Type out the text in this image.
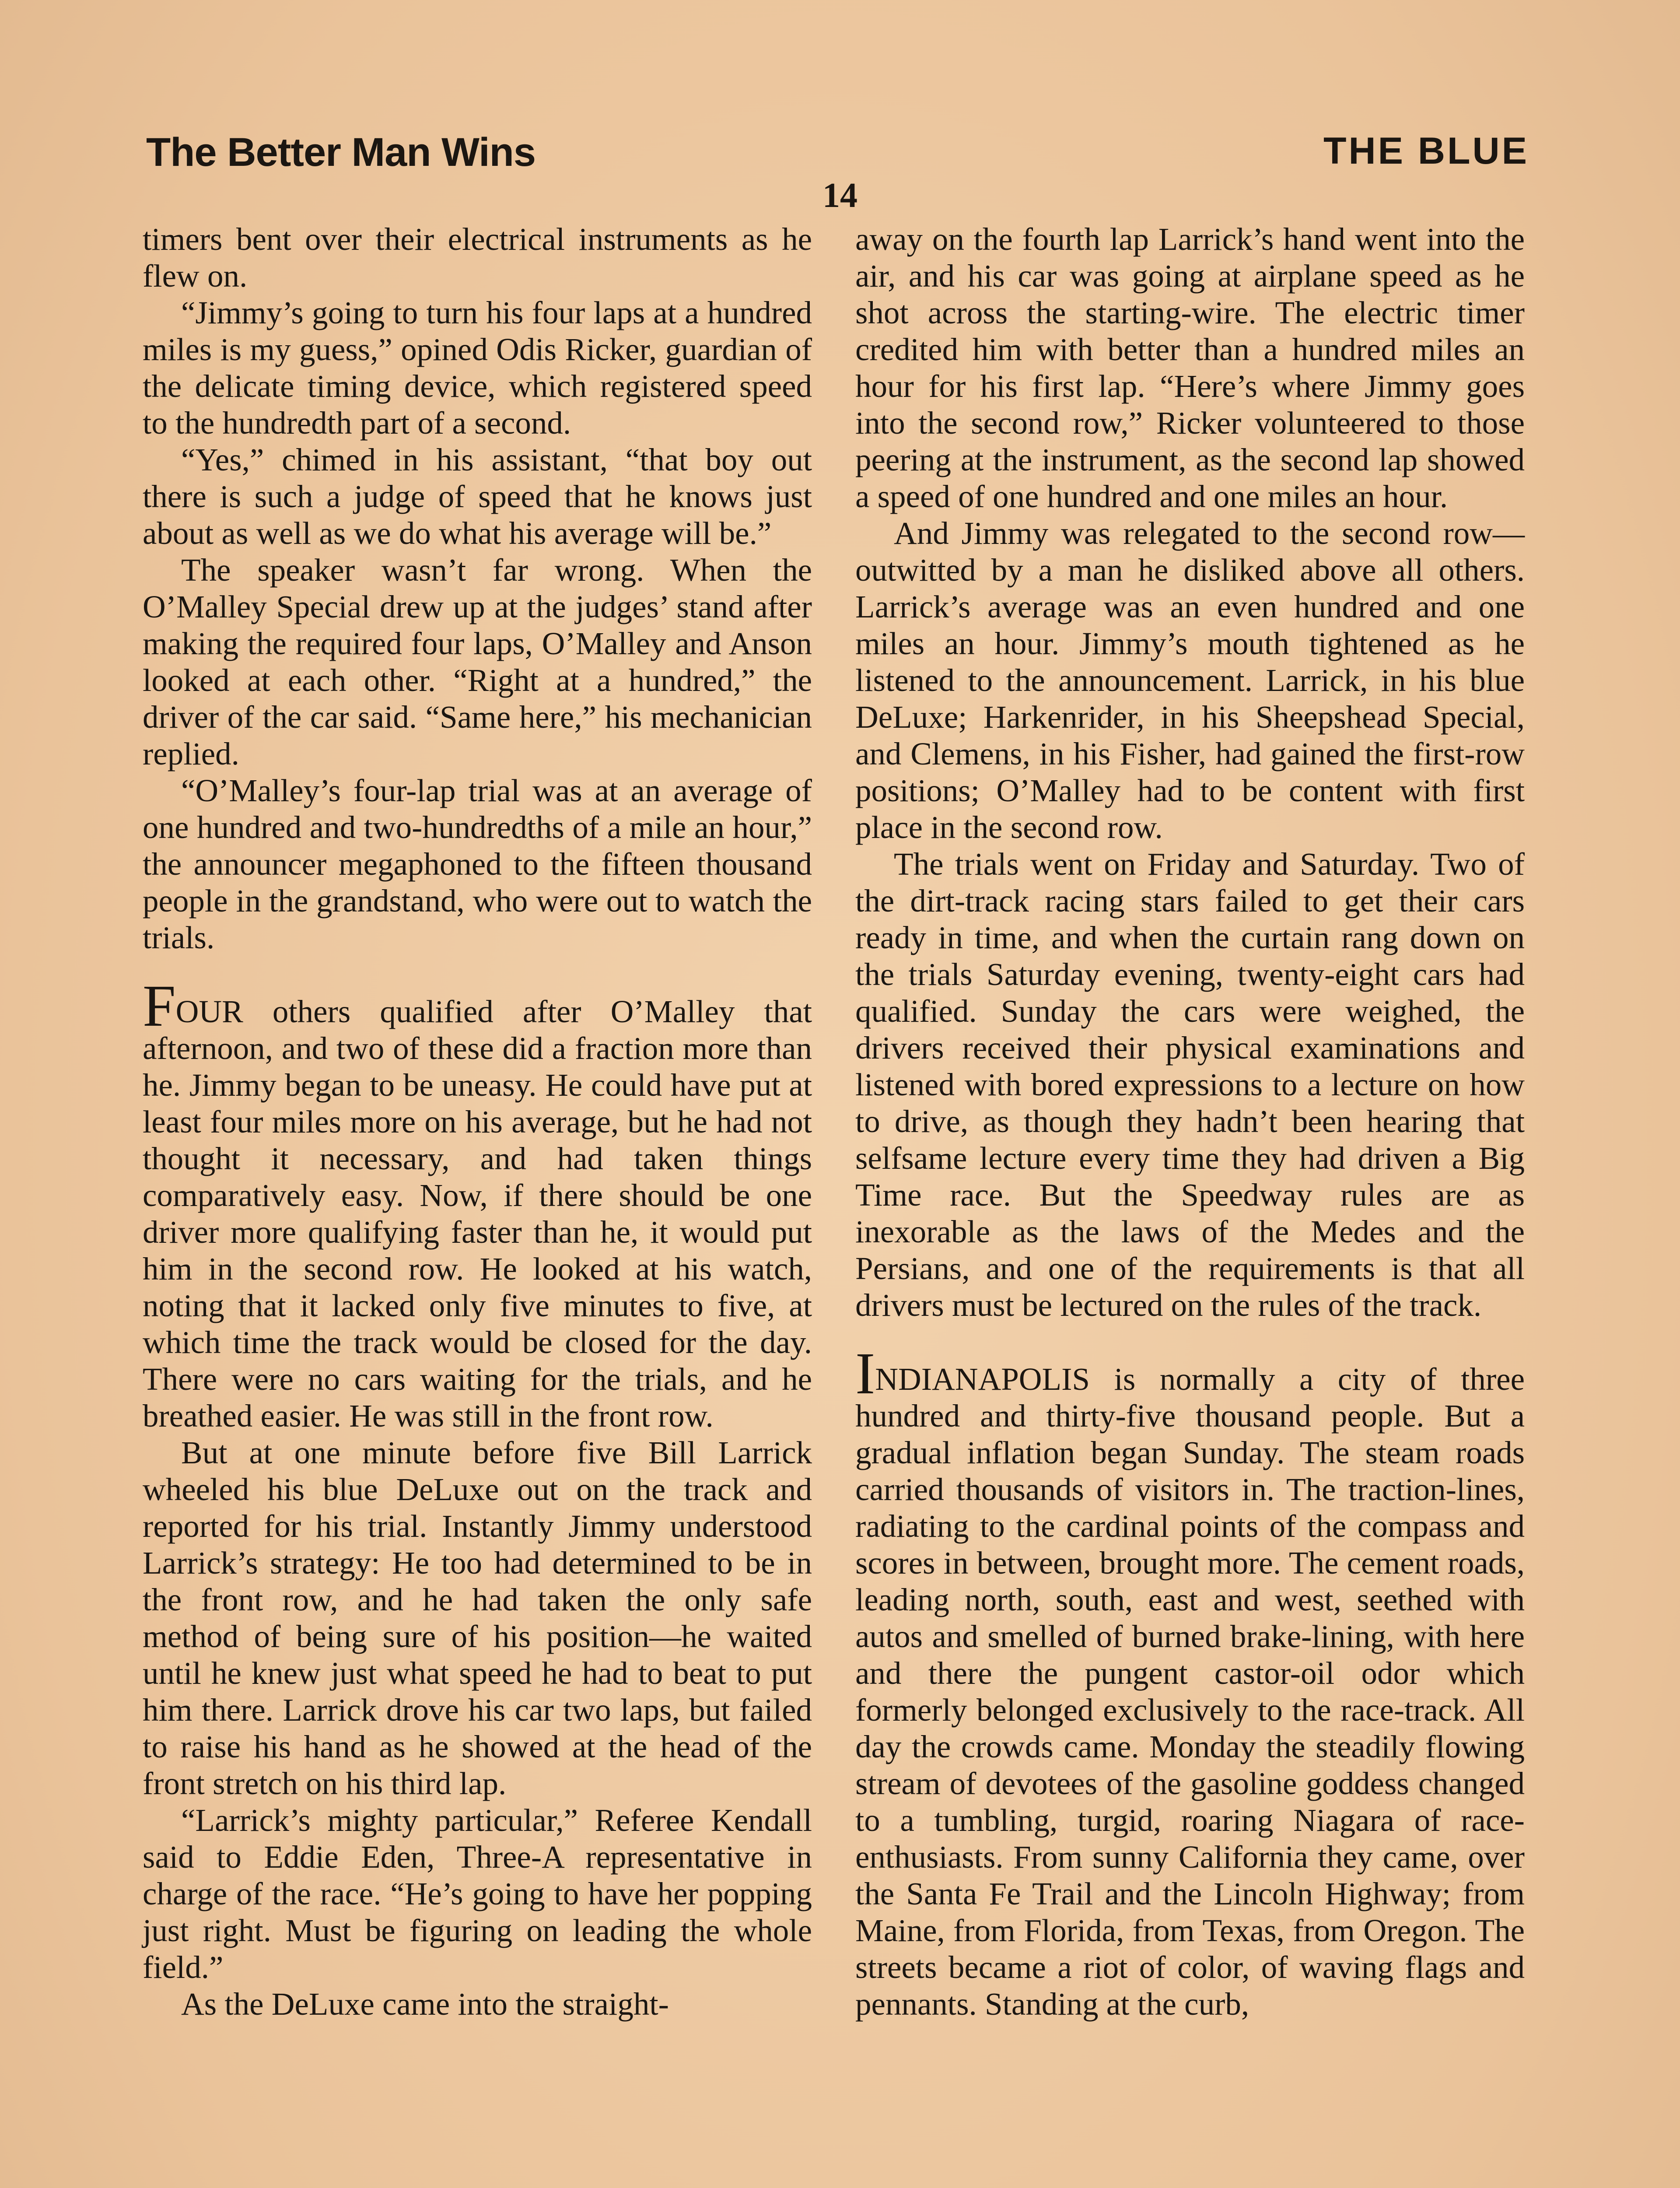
The Better Man Wins	THE BLUE
14

timers bent over their electrical instruments as he flew on.

“Jimmy’s going to turn his four laps at a hundred miles is my guess,” opined Odis Ricker, guardian of the delicate timing device, which registered speed to the hundredth part of a second.

“Yes,” chimed in his assistant, “that boy out there is such a judge of speed that he knows just about as well as we do what his average will be.”

The speaker wasn’t far wrong. When the O’Malley Special drew up at the judges’ stand after making the required four laps, O’Malley and Anson looked at each other. “Right at a hundred,” the driver of the car said. “Same here,” his mechanician replied.

“O’Malley’s four-lap trial was at an average of one hundred and two-hundredths of a mile an hour,” the announcer megaphoned to the fifteen thousand people in the grandstand, who were out to watch the trials.

FOUR others qualified after O’Malley that afternoon, and two of these did a fraction more than he. Jimmy began to be uneasy. He could have put at least four miles more on his average, but he had not thought it necessary, and had taken things comparatively easy. Now, if there should be one driver more qualifying faster than he, it would put him in the second row. He looked at his watch, noting that it lacked only five minutes to five, at which time the track would be closed for the day. There were no cars waiting for the trials, and he breathed easier. He was still in the front row.

But at one minute before five Bill Larrick wheeled his blue DeLuxe out on the track and reported for his trial. Instantly Jimmy understood Larrick’s strategy: He too had determined to be in the front row, and he had taken the only safe method of being sure of his position—he waited until he knew just what speed he had to beat to put him there. Larrick drove his car two laps, but failed to raise his hand as he showed at the head of the front stretch on his third lap.

“Larrick’s mighty particular,” Referee Kendall said to Eddie Eden, Three-A representative in charge of the race. “He’s going to have her popping just right. Must be figuring on leading the whole field.”

As the DeLuxe came into the straight-

away on the fourth lap Larrick’s hand went into the air, and his car was going at airplane speed as he shot across the starting-wire. The electric timer credited him with better than a hundred miles an hour for his first lap. “Here’s where Jimmy goes into the second row,” Ricker volunteered to those peering at the instrument, as the second lap showed a speed of one hundred and one miles an hour.

And Jimmy was relegated to the second row—outwitted by a man he disliked above all others. Larrick’s average was an even hundred and one miles an hour. Jimmy’s mouth tightened as he listened to the announcement. Larrick, in his blue DeLuxe; Harkenrider, in his Sheepshead Special, and Clemens, in his Fisher, had gained the first-row positions; O’Malley had to be content with first place in the second row.

The trials went on Friday and Saturday. Two of the dirt-track racing stars failed to get their cars ready in time, and when the curtain rang down on the trials Saturday evening, twenty-eight cars had qualified. Sunday the cars were weighed, the drivers received their physical examinations and listened with bored expressions to a lecture on how to drive, as though they hadn’t been hearing that selfsame lecture every time they had driven a Big Time race. But the Speedway rules are as inexorable as the laws of the Medes and the Persians, and one of the requirements is that all drivers must be lectured on the rules of the track.

INDIANAPOLIS is normally a city of three hundred and thirty-five thousand people. But a gradual inflation began Sunday. The steam roads carried thousands of visitors in. The traction-lines, radiating to the cardinal points of the compass and scores in between, brought more. The cement roads, leading north, south, east and west, seethed with autos and smelled of burned brake-lining, with here and there the pungent castor-oil odor which formerly belonged exclusively to the race-track. All day the crowds came. Monday the steadily flowing stream of devotees of the gasoline goddess changed to a tumbling, turgid, roaring Niagara of race-enthusiasts. From sunny California they came, over the Santa Fe Trail and the Lincoln Highway; from Maine, from Florida, from Texas, from Oregon. The streets became a riot of color, of waving flags and pennants. Standing at the curb,
